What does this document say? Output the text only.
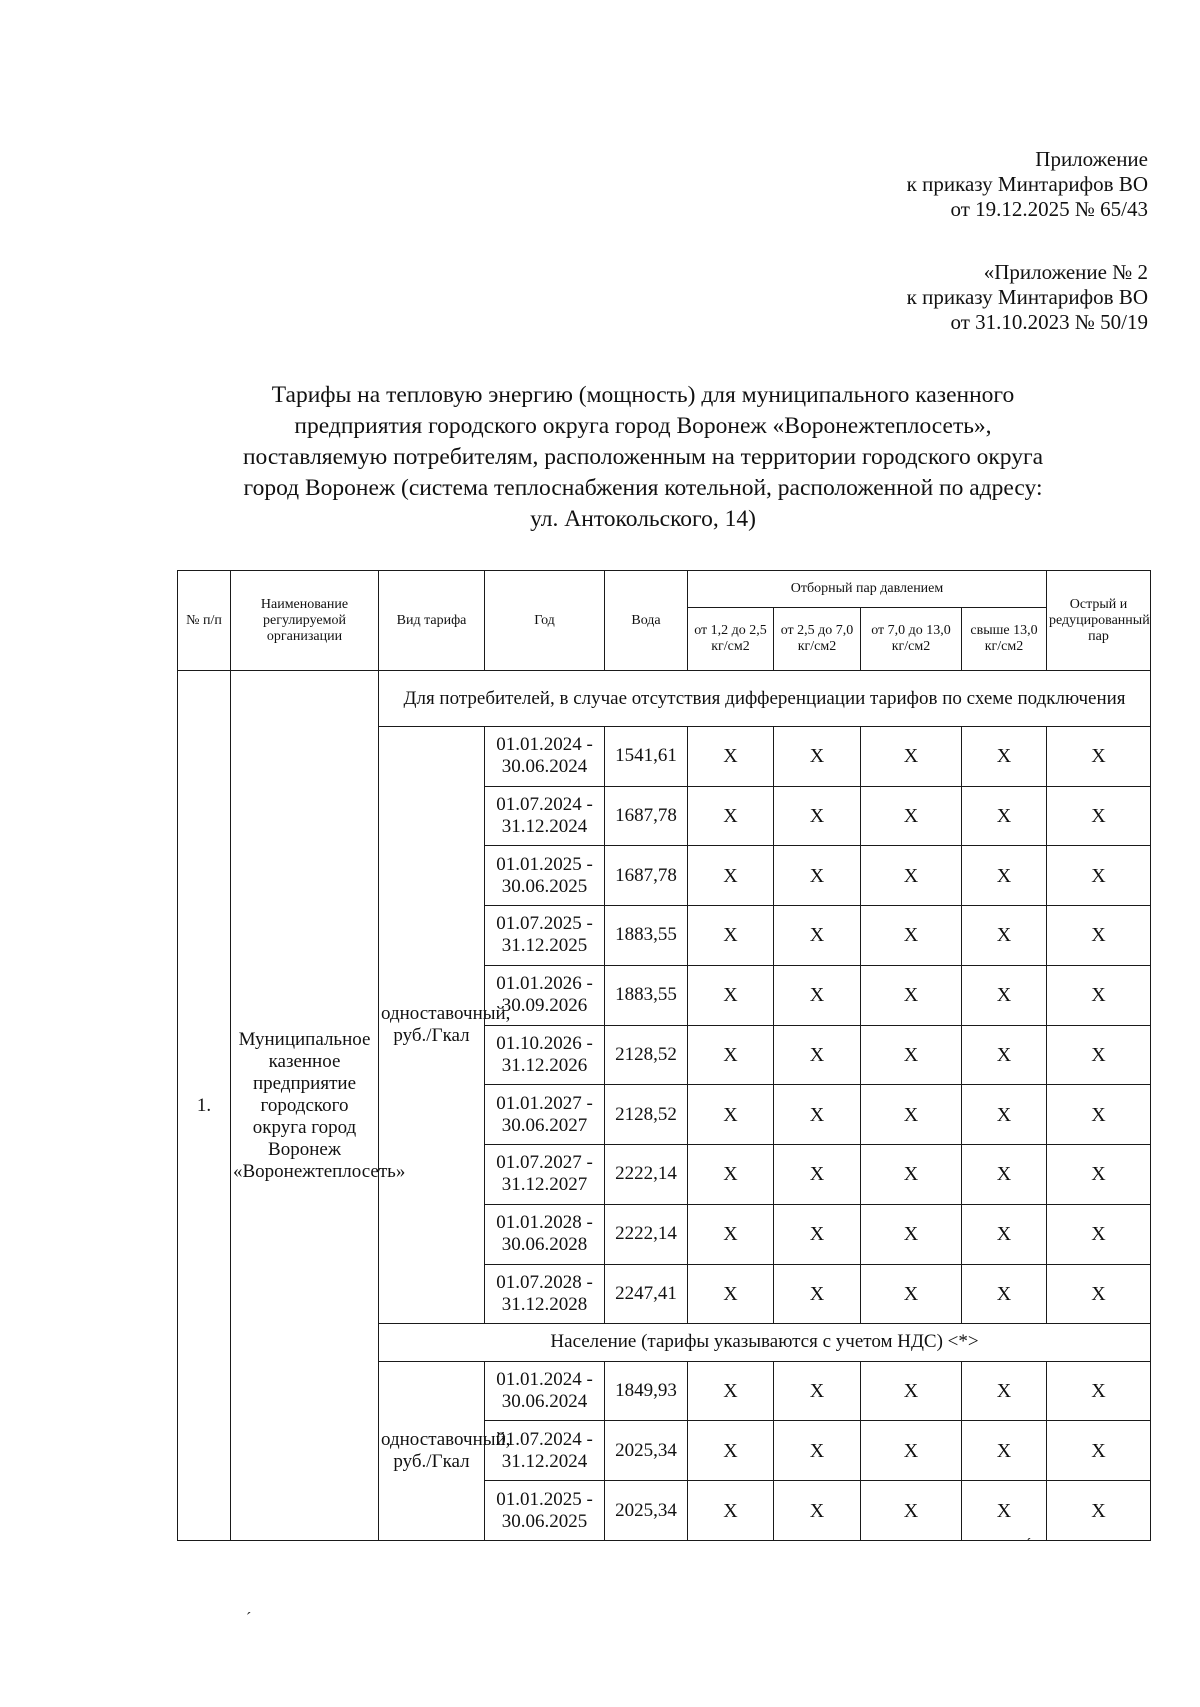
Приложение
к приказу Минтарифов ВО
от 19.12.2025 № 65/43
«Приложение № 2
к приказу Минтарифов ВО
от 31.10.2023 № 50/19
Тарифы на тепловую энергию (мощность) для муниципального казенного
предприятия городского округа город Воронеж «Воронежтеплосеть»,
поставляемую потребителям, расположенным на территории городского округа
город Воронеж (система теплоснабжения котельной, расположенной по адресу:
ул. Антокольского, 14)
№ п/п	Наименование регулируемой организации	Вид тарифа	Год	Вода	Отборный пар давлением				Острый и редуцированный пар
					от 1,2 до 2,5 кг/см2	от 2,5 до 7,0 кг/см2	от 7,0 до 13,0 кг/см2	свыше 13,0 кг/см2	
1.	Муниципальное казенное предприятие городского округа город Воронеж «Воронежтеплосеть»	Для потребителей, в случае отсутствия дифференциации тарифов по схеме подключения							
		одноставочный, руб./Гкал	01.01.2024 - 30.06.2024	1541,61	Х	Х	Х	Х	Х
			01.07.2024 - 31.12.2024	1687,78	Х	Х	Х	Х	Х
			01.01.2025 - 30.06.2025	1687,78	Х	Х	Х	Х	Х
			01.07.2025 - 31.12.2025	1883,55	Х	Х	Х	Х	Х
			01.01.2026 - 30.09.2026	1883,55	Х	Х	Х	Х	Х
			01.10.2026 - 31.12.2026	2128,52	Х	Х	Х	Х	Х
			01.01.2027 - 30.06.2027	2128,52	Х	Х	Х	Х	Х
			01.07.2027 - 31.12.2027	2222,14	Х	Х	Х	Х	Х
			01.01.2028 - 30.06.2028	2222,14	Х	Х	Х	Х	Х
			01.07.2028 - 31.12.2028	2247,41	Х	Х	Х	Х	Х
		Население (тарифы указываются с учетом НДС) <*>							
		одноставочный, руб./Гкал	01.01.2024 - 30.06.2024	1849,93	Х	Х	Х	Х	Х
			01.07.2024 - 31.12.2024	2025,34	Х	Х	Х	Х	Х
			01.01.2025 - 30.06.2025	2025,34	Х	Х	Х	Х	Х
ˊ
ˊ
